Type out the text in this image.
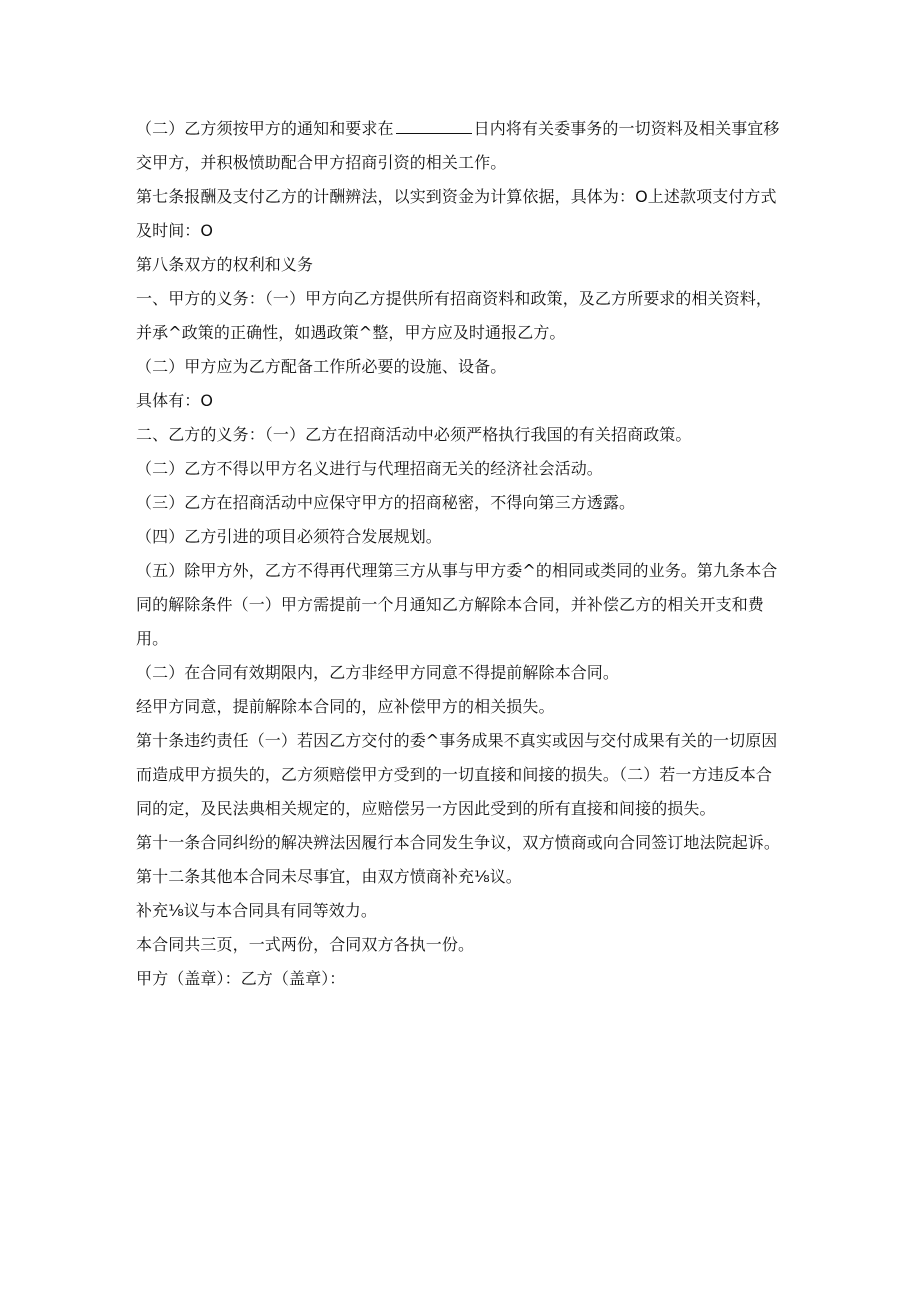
（二）乙方须按甲方的通知和要求在	日内将有关委事务的一切资料及相关事宜移交甲方，并积极愤助配合甲方招商引资的相关工作。

第七条报酬及支付乙方的计酬辨法，以实到资金为计算依据，具体为：O上述款项支付方式及时间：O

第八条双方的权利和义务

一、甲方的义务：（一）甲方向乙方提供所有招商资料和政策，及乙方所要求的相关资料，并承^政策的正确性，如遇政策^整，甲方应及时通报乙方。

（二）甲方应为乙方配备工作所必要的设施、设备。

具体有：O

二、乙方的义务：（一）乙方在招商活动中必须严格执行我国的有关招商政策。

（二）乙方不得以甲方名义进行与代理招商无关的经济社会活动。

（三）乙方在招商活动中应保守甲方的招商秘密，不得向第三方透露。

（四）乙方引进的项目必须符合发展规划。

（五）除甲方外，乙方不得再代理第三方从事与甲方委^的相同或类同的业务。第九条本合同的解除条件（一）甲方需提前一个月通知乙方解除本合同，并补偿乙方的相关开支和费用。

（二）在合同有效期限内，乙方非经甲方同意不得提前解除本合同。

经甲方同意，提前解除本合同的，应补偿甲方的相关损失。

第十条违约责任（一）若因乙方交付的委^事务成果不真实或因与交付成果有关的一切原因而造成甲方损失的，乙方须赔偿甲方受到的一切直接和间接的损失。（二）若一方违反本合同的定，及民法典相关规定的，应赔偿另一方因此受到的所有直接和间接的损失。

第十一条合同纠纷的解决辨法因履行本合同发生争议，双方愤商或向合同签订地法院起诉。

第十二条其他本合同未尽事宜，由双方愤商补充⅛议。

补充⅛议与本合同具有同等效力。

本合同共三页，一式两份，合同双方各执一份。

甲方（盖章）：乙方（盖章）：
